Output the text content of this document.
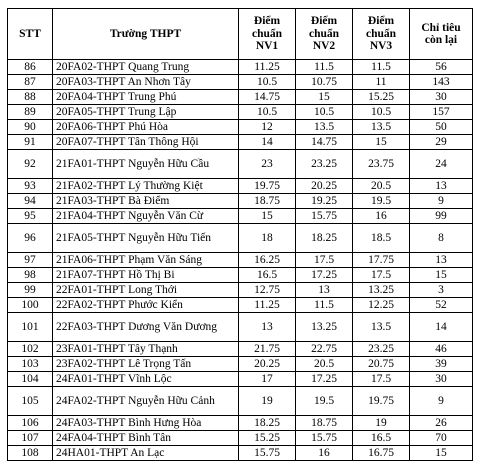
STT	Trường THPT	Điểm chuẩn NV1	Điểm chuẩn NV2	Điểm chuẩn NV3	Chỉ tiêu còn lại
86	20FA02-THPT Quang Trung	11.25	11.5	11.5	56
87	20FA03-THPT An Nhơn Tây	10.5	10.75	11	143
88	20FA04-THPT Trung Phú	14.75	15	15.25	30
89	20FA05-THPT Trung Lập	10.5	10.5	10.5	157
90	20FA06-THPT Phú Hòa	12	13.5	13.5	50
91	20FA07-THPT Tân Thông Hội	14	14.75	15	29
92	21FA01-THPT Nguyễn Hữu Cầu	23	23.25	23.75	24
93	21FA02-THPT Lý Thường Kiệt	19.75	20.25	20.5	13
94	21FA03-THPT Bà Điểm	18.75	19.25	19.5	9
95	21FA04-THPT Nguyễn Văn Cừ	15	15.75	16	99
96	21FA05-THPT Nguyễn Hữu Tiến	18	18.25	18.5	8
97	21FA06-THPT Phạm Văn Sáng	16.25	17.5	17.75	13
98	21FA07-THPT Hồ Thị Bi	16.5	17.25	17.5	15
99	22FA01-THPT Long Thới	12.75	13	13.25	3
100	22FA02-THPT Phước Kiển	11.25	11.5	12.25	52
101	22FA03-THPT Dương Văn Dương	13	13.25	13.5	14
102	23FA01-THPT Tây Thạnh	21.75	22.75	23.25	46
103	23FA02-THPT Lê Trọng Tấn	20.25	20.5	20.75	39
104	24FA01-THPT Vĩnh Lộc	17	17.25	17.5	30
105	24FA02-THPT Nguyễn Hữu Cảnh	19	19.5	19.75	9
106	24FA03-THPT Bình Hưng Hòa	18.25	18.75	19	26
107	24FA04-THPT Bình Tân	15.25	15.75	16.5	70
108	24HA01-THPT An Lạc	15.75	16	16.75	15
